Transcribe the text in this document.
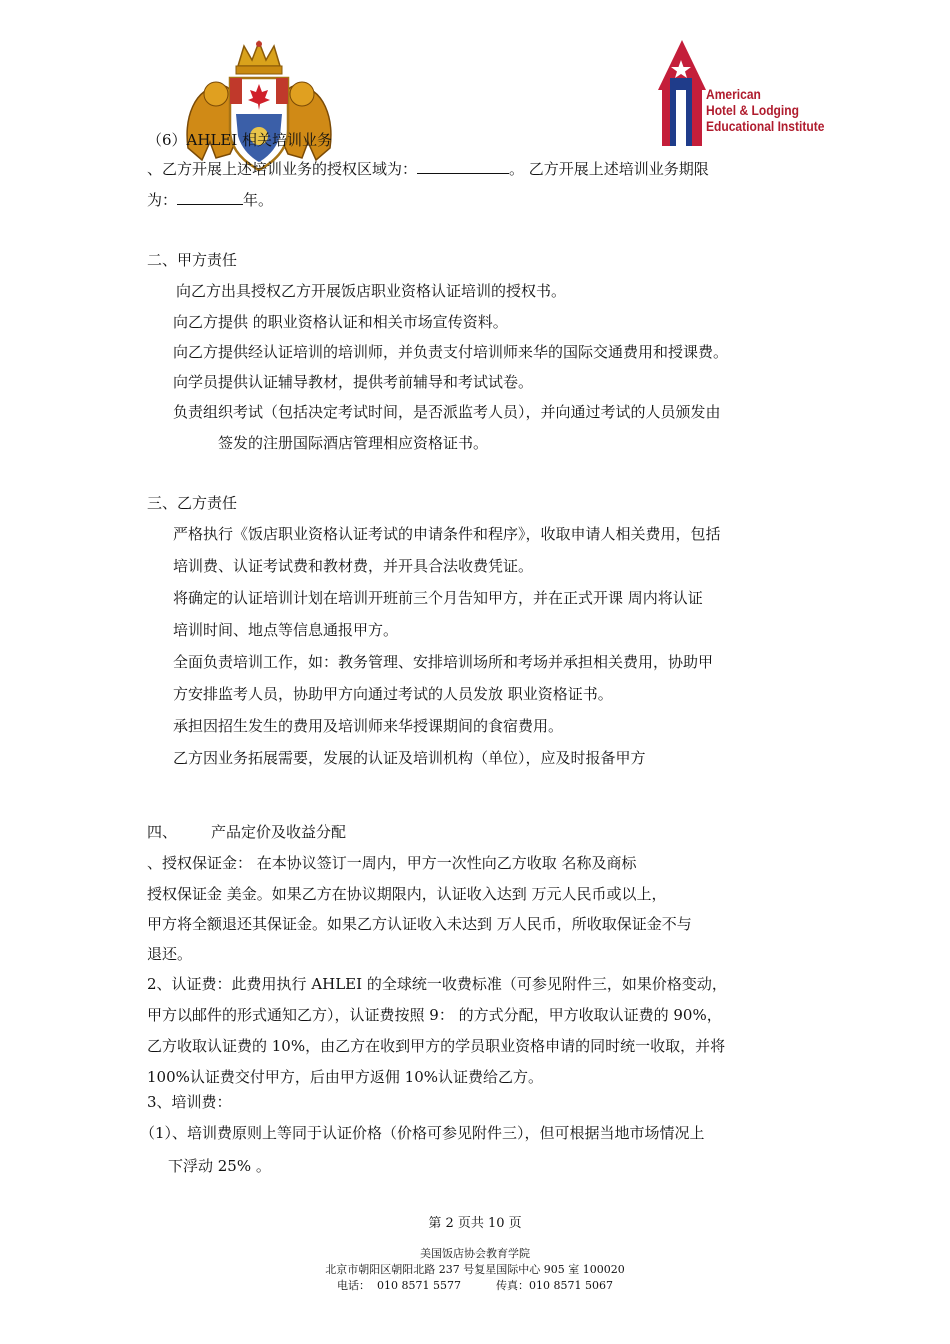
American
Hotel & Lodging
Educational Institute
（6）AHLEI 相关培训业务
、乙方开展上述培训业务的授权区域为：	。 乙方开展上述培训业务期限
为：	年。
二、甲方责任
向乙方出具授权乙方开展饭店职业资格认证培训的授权书。
向乙方提供 的职业资格认证和相关市场宣传资料。
向乙方提供经认证培训的培训师，并负责支付培训师来华的国际交通费用和授课费。
向学员提供认证辅导教材，提供考前辅导和考试试卷。
负责组织考试（包括决定考试时间，是否派监考人员），并向通过考试的人员颁发由
签发的注册国际酒店管理相应资格证书。
三、乙方责任
严格执行《饭店职业资格认证考试的申请条件和程序》，收取申请人相关费用，包括
培训费、认证考试费和教材费，并开具合法收费凭证。
将确定的认证培训计划在培训开班前三个月告知甲方，并在正式开课 周内将认证
培训时间、地点等信息通报甲方。
全面负责培训工作，如：教务管理、安排培训场所和考场并承担相关费用，协助甲
方安排监考人员，协助甲方向通过考试的人员发放 职业资格证书。
承担因招生发生的费用及培训师来华授课期间的食宿费用。
乙方因业务拓展需要，发展的认证及培训机构（单位），应及时报备甲方
四、 产品定价及收益分配
、授权保证金： 在本协议签订一周内，甲方一次性向乙方收取 名称及商标
授权保证金 美金。如果乙方在协议期限内，认证收入达到 万元人民币或以上，
甲方将全额退还其保证金。如果乙方认证收入未达到 万人民币，所收取保证金不与
退还。
2、认证费：此费用执行 AHLEI 的全球统一收费标准（可参见附件三，如果价格变动，
甲方以邮件的形式通知乙方），认证费按照 9： 的方式分配，甲方收取认证费的 90%，
乙方收取认证费的 10%，由乙方在收到甲方的学员职业资格申请的同时统一收取，并将
100%认证费交付甲方，后由甲方返佣 10%认证费给乙方。
3、培训费：
（1）、培训费原则上等同于认证价格（价格可参见附件三），但可根据当地市场情况上
下浮动 25% 。
第 2 页共 10 页
美国饭店协会教育学院
北京市朝阳区朝阳北路 237 号复星国际中心 905 室 100020
电话：  010 8571 5577          传真：010 8571 5067
